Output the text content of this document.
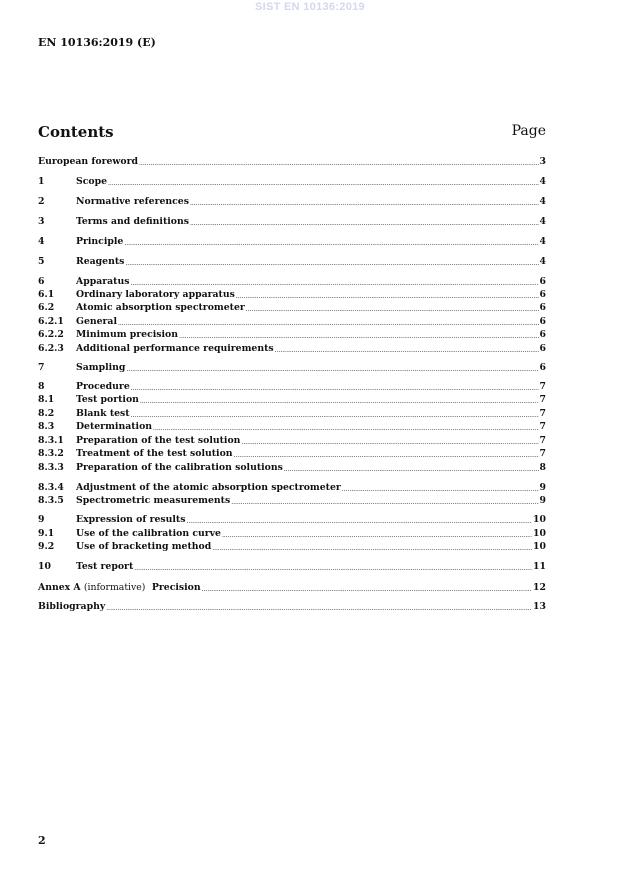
SIST EN 10136:2019
EN 10136:2019 (E)
Contents	Page
European foreword .....	3
1	Scope .....	4
2	Normative references .....	4
3	Terms and definitions .....	4
4	Principle .....	4
5	Reagents .....	4
6	Apparatus .....	6
6.1	Ordinary laboratory apparatus .....	6
6.2	Atomic absorption spectrometer .....	6
6.2.1	General .....	6
6.2.2	Minimum precision .....	6
6.2.3	Additional performance requirements .....	6
7	Sampling .....	6
8	Procedure .....	7
8.1	Test portion .....	7
8.2	Blank test .....	7
8.3	Determination .....	7
8.3.1	Preparation of the test solution .....	7
8.3.2	Treatment of the test solution .....	7
8.3.3	Preparation of the calibration solutions .....	8
8.3.4	Adjustment of the atomic absorption spectrometer .....	9
8.3.5	Spectrometric measurements .....	9
9	Expression of results .....	10
9.1	Use of the calibration curve .....	10
9.2	Use of bracketing method .....	10
10	Test report .....	11
Annex A (informative) Precision .....	12
Bibliography .....	13
2
